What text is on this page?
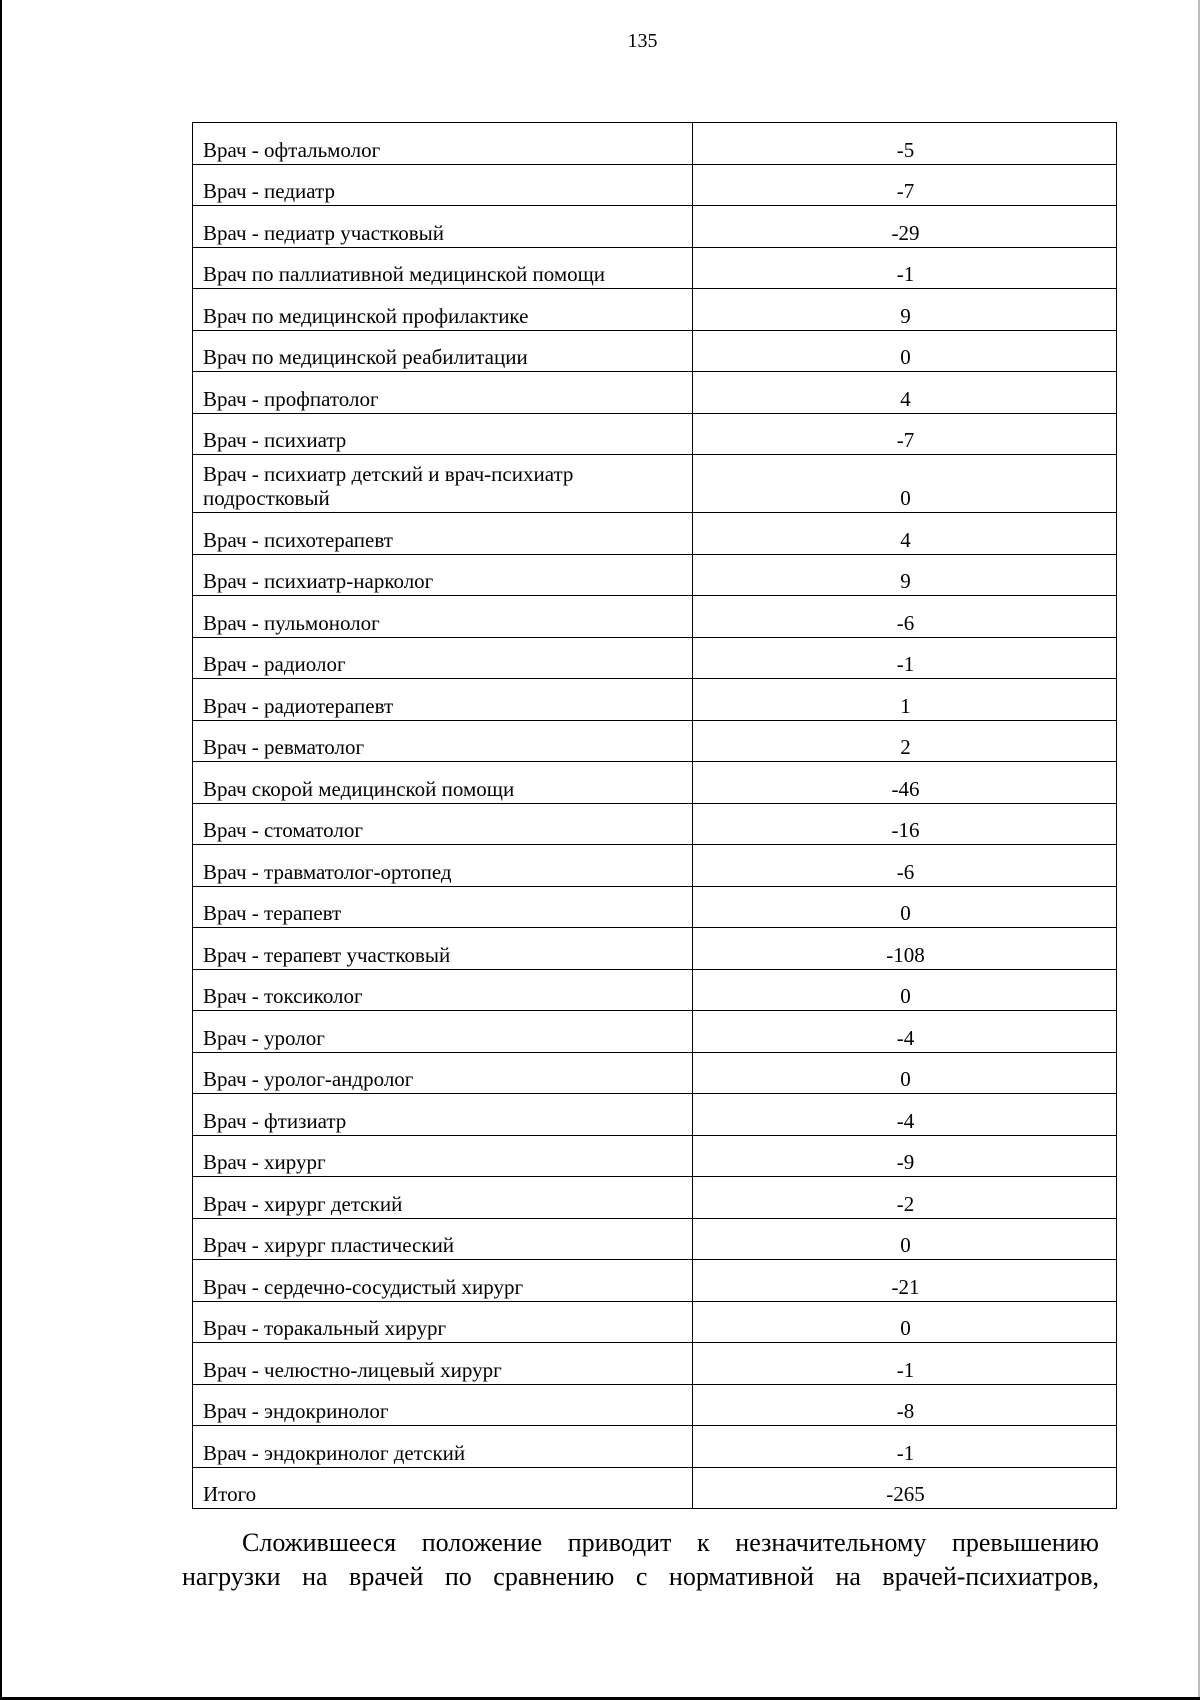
135
Врач - офтальмолог	-5
Врач - педиатр	-7
Врач - педиатр участковый	-29
Врач по паллиативной медицинской помощи	-1
Врач по медицинской профилактике	9
Врач по медицинской реабилитации	0
Врач - профпатолог	4
Врач - психиатр	-7
Врач - психиатр детский и врач-психиатр подростковый	0
Врач - психотерапевт	4
Врач - психиатр-нарколог	9
Врач - пульмонолог	-6
Врач - радиолог	-1
Врач - радиотерапевт	1
Врач - ревматолог	2
Врач скорой медицинской помощи	-46
Врач - стоматолог	-16
Врач - травматолог-ортопед	-6
Врач - терапевт	0
Врач - терапевт участковый	-108
Врач - токсиколог	0
Врач - уролог	-4
Врач - уролог-андролог	0
Врач - фтизиатр	-4
Врач - хирург	-9
Врач - хирург детский	-2
Врач - хирург пластический	0
Врач - сердечно-сосудистый хирург	-21
Врач - торакальный хирург	0
Врач - челюстно-лицевый хирург	-1
Врач - эндокринолог	-8
Врач - эндокринолог детский	-1
Итого	-265

Сложившееся положение приводит к незначительному превышению нагрузки на врачей по сравнению с нормативной на врачей-психиатров,
